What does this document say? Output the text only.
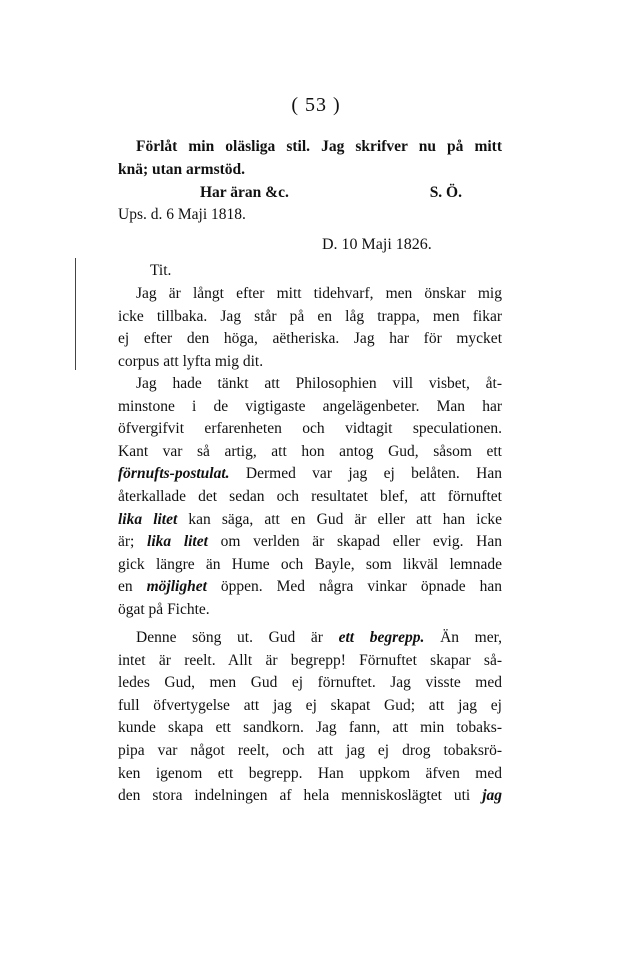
( 53 )
Förlåt min oläsliga stil. Jag skrifver nu på mitt
knä; utan armstöd.
Har äran &c.	S. Ö.
Ups. d. 6 Maji 1818.
D. 10 Maji 1826.
Tit.
Jag är långt efter mitt tidehvarf, men önskar mig
icke tillbaka. Jag står på en låg trappa, men fikar
ej efter den höga, aëtheriska. Jag har för mycket
corpus att lyfta mig dit.
Jag hade tänkt att Philosophien vill visbet, åt-
minstone i de vigtigaste angelägenbeter. Man har
öfvergifvit erfarenheten och vidtagit speculationen.
Kant var så artig, att hon antog Gud, såsom ett
förnufts-postulat. Dermed var jag ej belåten. Han
återkallade det sedan och resultatet blef, att förnuftet
lika litet kan säga, att en Gud är eller att han icke
är; lika litet om verlden är skapad eller evig. Han
gick längre än Hume och Bayle, som likväl lemnade
en möjlighet öppen. Med några vinkar öpnade han
ögat på Fichte.
Denne söng ut. Gud är ett begrepp. Än mer,
intet är reelt. Allt är begrepp! Förnuftet skapar så-
ledes Gud, men Gud ej förnuftet. Jag visste med
full öfvertygelse att jag ej skapat Gud; att jag ej
kunde skapa ett sandkorn. Jag fann, att min tobaks-
pipa var något reelt, och att jag ej drog tobaksrö-
ken igenom ett begrepp. Han uppkom äfven med
den stora indelningen af hela menniskoslägtet uti jag
